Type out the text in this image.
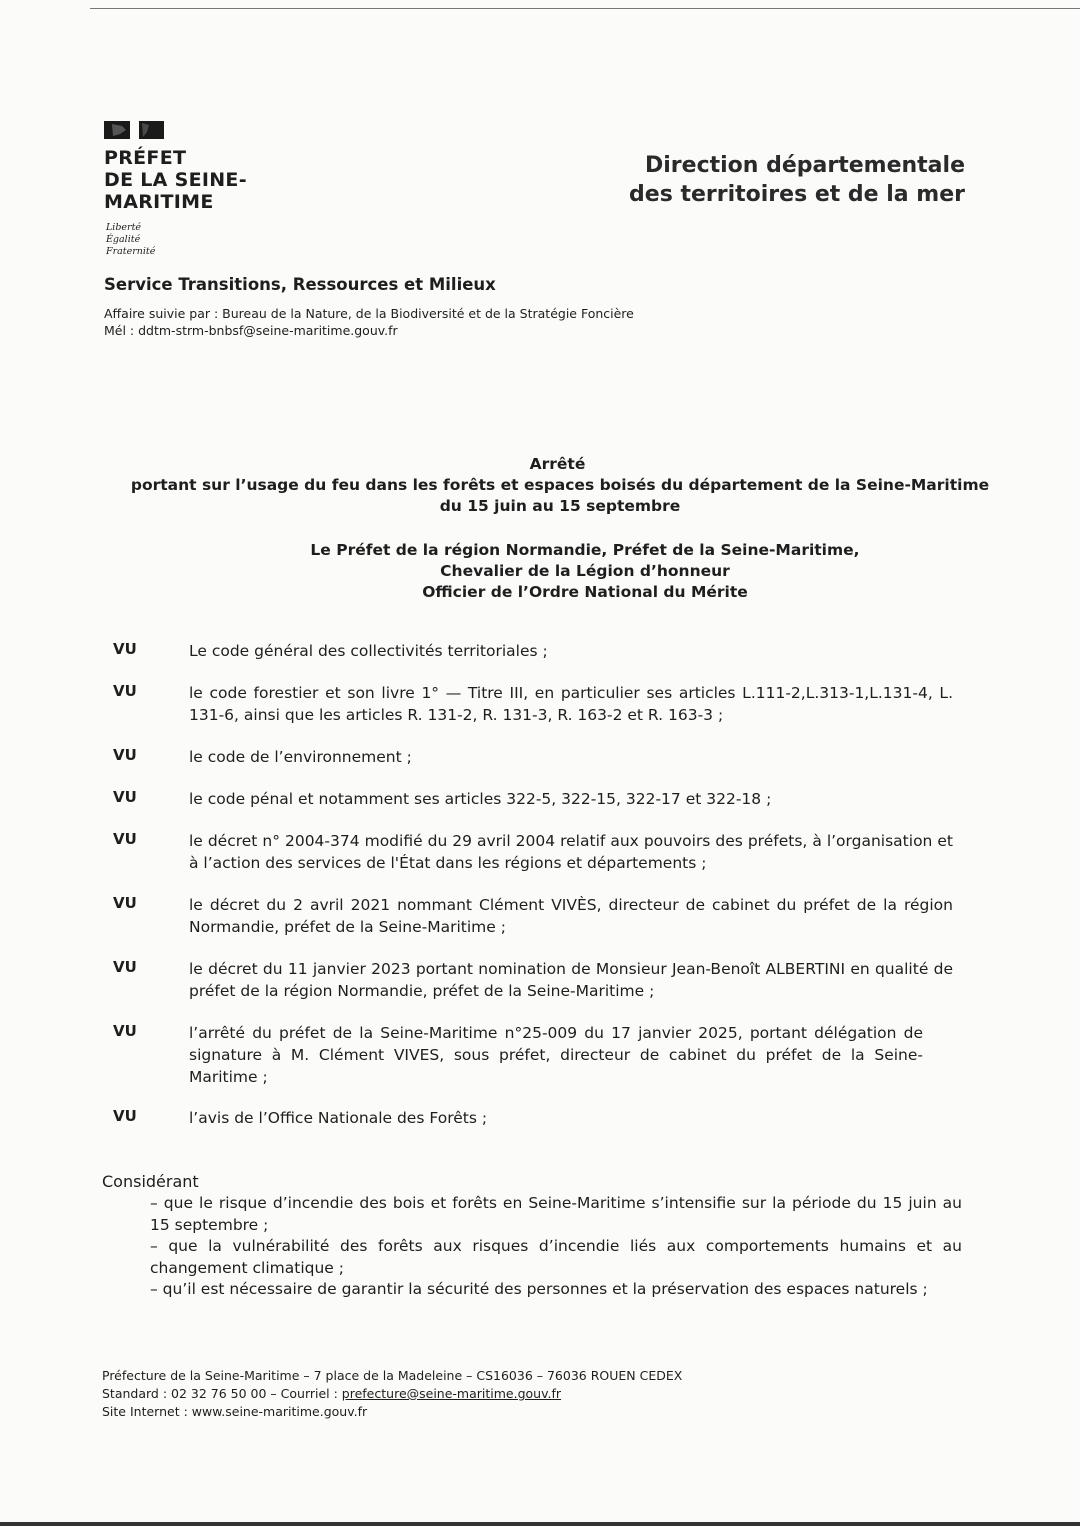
PRÉFET
DE LA SEINE-
MARITIME
Liberté
Égalité
Fraternité
Direction départementale
des territoires et de la mer
Service Transitions, Ressources et Milieux
Affaire suivie par : Bureau de la Nature, de la Biodiversité et de la Stratégie Foncière
Mél : ddtm-strm-bnbsf@seine-maritime.gouv.fr
Arrêté
portant sur l’usage du feu dans les forêts et espaces boisés du département de la Seine-Maritime
du 15 juin au 15 septembre
Le Préfet de la région Normandie, Préfet de la Seine-Maritime,
Chevalier de la Légion d’honneur
Officier de l’Ordre National du Mérite
VU	Le code général des collectivités territoriales ;
VU	le code forestier et son livre 1° — Titre III, en particulier ses articles L.111-2,L.313-1,L.131-4, L. 131-6, ainsi que les articles R. 131-2, R. 131-3, R. 163-2 et R. 163-3 ;
VU	le code de l’environnement ;
VU	le code pénal et notamment ses articles 322-5, 322-15, 322-17 et 322-18 ;
VU	le décret n° 2004-374 modifié du 29 avril 2004 relatif aux pouvoirs des préfets, à l’organisation et à l’action des services de l'État dans les régions et départements ;
VU	le décret du 2 avril 2021 nommant Clément VIVÈS, directeur de cabinet du préfet de la région Normandie, préfet de la Seine-Maritime ;
VU	le décret du 11 janvier 2023 portant nomination de Monsieur Jean-Benoît ALBERTINI en qualité de préfet de la région Normandie, préfet de la Seine-Maritime ;
VU	l’arrêté du préfet de la Seine-Maritime n°25-009 du 17 janvier 2025, portant délégation de signature à M. Clément VIVES, sous préfet, directeur de cabinet du préfet de la Seine-Maritime ;
VU	l’avis de l’Office Nationale des Forêts ;
Considérant
– que le risque d’incendie des bois et forêts en Seine-Maritime s’intensifie sur la période du 15 juin au 15 septembre ;
– que la vulnérabilité des forêts aux risques d’incendie liés aux comportements humains et au changement climatique ;
– qu’il est nécessaire de garantir la sécurité des personnes et la préservation des espaces naturels ;
Préfecture de la Seine-Maritime – 7 place de la Madeleine – CS16036 – 76036 ROUEN CEDEX
Standard : 02 32 76 50 00 – Courriel : prefecture@seine-maritime.gouv.fr
Site Internet : www.seine-maritime.gouv.fr
